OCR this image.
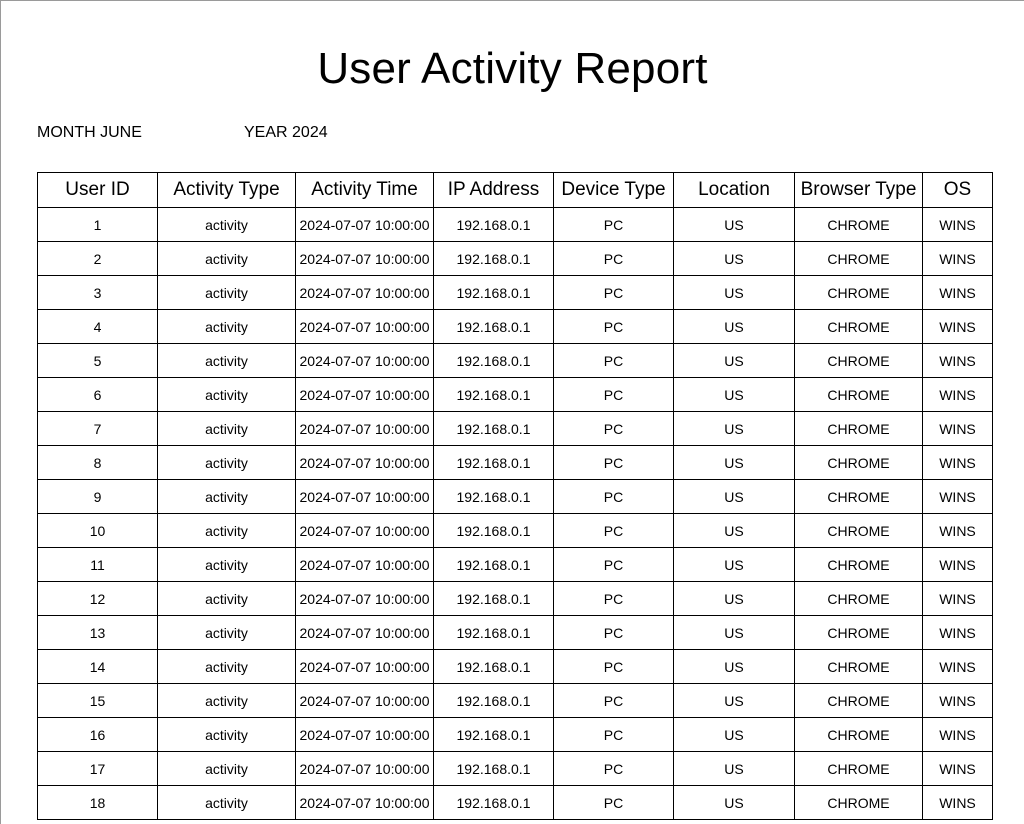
User Activity Report
MONTH JUNE	YEAR 2024
User ID	Activity Type	Activity Time	IP Address	Device Type	Location	Browser Type	OS
1	activity	2024-07-07 10:00:00	192.168.0.1	PC	US	CHROME	WINS
2	activity	2024-07-07 10:00:00	192.168.0.1	PC	US	CHROME	WINS
3	activity	2024-07-07 10:00:00	192.168.0.1	PC	US	CHROME	WINS
4	activity	2024-07-07 10:00:00	192.168.0.1	PC	US	CHROME	WINS
5	activity	2024-07-07 10:00:00	192.168.0.1	PC	US	CHROME	WINS
6	activity	2024-07-07 10:00:00	192.168.0.1	PC	US	CHROME	WINS
7	activity	2024-07-07 10:00:00	192.168.0.1	PC	US	CHROME	WINS
8	activity	2024-07-07 10:00:00	192.168.0.1	PC	US	CHROME	WINS
9	activity	2024-07-07 10:00:00	192.168.0.1	PC	US	CHROME	WINS
10	activity	2024-07-07 10:00:00	192.168.0.1	PC	US	CHROME	WINS
11	activity	2024-07-07 10:00:00	192.168.0.1	PC	US	CHROME	WINS
12	activity	2024-07-07 10:00:00	192.168.0.1	PC	US	CHROME	WINS
13	activity	2024-07-07 10:00:00	192.168.0.1	PC	US	CHROME	WINS
14	activity	2024-07-07 10:00:00	192.168.0.1	PC	US	CHROME	WINS
15	activity	2024-07-07 10:00:00	192.168.0.1	PC	US	CHROME	WINS
16	activity	2024-07-07 10:00:00	192.168.0.1	PC	US	CHROME	WINS
17	activity	2024-07-07 10:00:00	192.168.0.1	PC	US	CHROME	WINS
18	activity	2024-07-07 10:00:00	192.168.0.1	PC	US	CHROME	WINS
